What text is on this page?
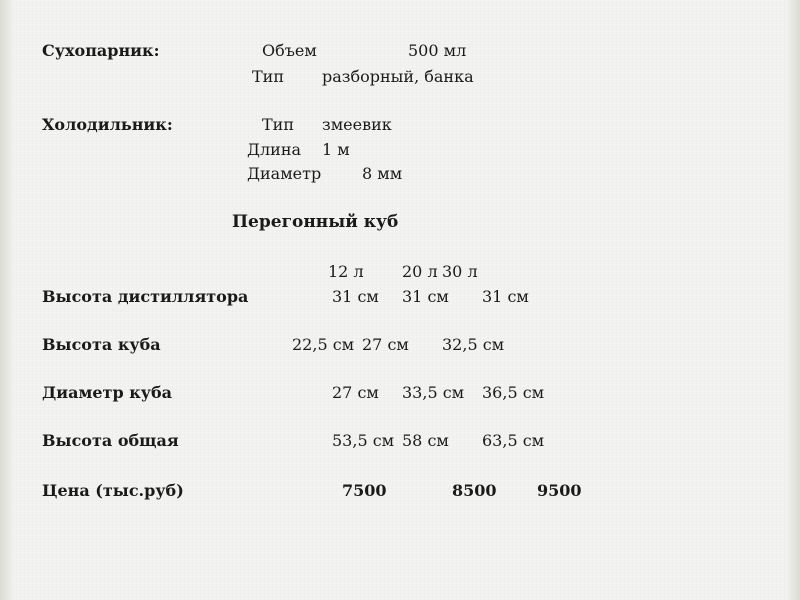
Сухопарник:	Объем	500 мл
Тип разборный, банка
Холодильник:	Тип змеевик
Длина 1 м
Диаметр	8 мм
Перегонный куб
12 л 20 л 30 л
Высота дистиллятора	31 см 31 см 31 см
Высота куба	22,5 см 27 см 32,5 см
Диаметр куба	27 см 33,5 см 36,5 см
Высота общая	53,5 см 58 см 63,5 см
Цена (тыс.руб)	7500	8500	9500
